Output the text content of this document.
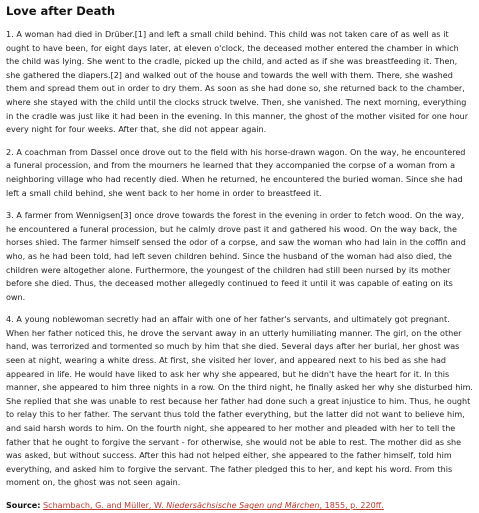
Love after Death

1. A woman had died in Drüber.[1] and left a small child behind. This child was not taken care of as well as it ought to have been, for eight days later, at eleven o'clock, the deceased mother entered the chamber in which the child was lying. She went to the cradle, picked up the child, and acted as if she was breastfeeding it. Then, she gathered the diapers.[2] and walked out of the house and towards the well with them. There, she washed them and spread them out in order to dry them. As soon as she had done so, she returned back to the chamber, where she stayed with the child until the clocks struck twelve. Then, she vanished. The next morning, everything in the cradle was just like it had been in the evening. In this manner, the ghost of the mother visited for one hour every night for four weeks. After that, she did not appear again.

2. A coachman from Dassel once drove out to the field with his horse-drawn wagon. On the way, he encountered a funeral procession, and from the mourners he learned that they accompanied the corpse of a woman from a neighboring village who had recently died. When he returned, he encountered the buried woman. Since she had left a small child behind, she went back to her home in order to breastfeed it.

3. A farmer from Wennigsen[3] once drove towards the forest in the evening in order to fetch wood. On the way, he encountered a funeral procession, but he calmly drove past it and gathered his wood. On the way back, the horses shied. The farmer himself sensed the odor of a corpse, and saw the woman who had lain in the coffin and who, as he had been told, had left seven children behind. Since the husband of the woman had also died, the children were altogether alone. Furthermore, the youngest of the children had still been nursed by its mother before she died. Thus, the deceased mother allegedly continued to feed it until it was capable of eating on its own.

4. A young noblewoman secretly had an affair with one of her father's servants, and ultimately got pregnant. When her father noticed this, he drove the servant away in an utterly humiliating manner. The girl, on the other hand, was terrorized and tormented so much by him that she died. Several days after her burial, her ghost was seen at night, wearing a white dress. At first, she visited her lover, and appeared next to his bed as she had appeared in life. He would have liked to ask her why she appeared, but he didn't have the heart for it. In this manner, she appeared to him three nights in a row. On the third night, he finally asked her why she disturbed him. She replied that she was unable to rest because her father had done such a great injustice to him. Thus, he ought to relay this to her father. The servant thus told the father everything, but the latter did not want to believe him, and said harsh words to him. On the fourth night, she appeared to her mother and pleaded with her to tell the father that he ought to forgive the servant - for otherwise, she would not be able to rest. The mother did as she was asked, but without success. After this had not helped either, she appeared to the father himself, told him everything, and asked him to forgive the servant. The father pledged this to her, and kept his word. From this moment on, the ghost was not seen again.

Source: Schambach, G. and Müller, W. Niedersächsische Sagen und Märchen, 1855, p. 220ff.
